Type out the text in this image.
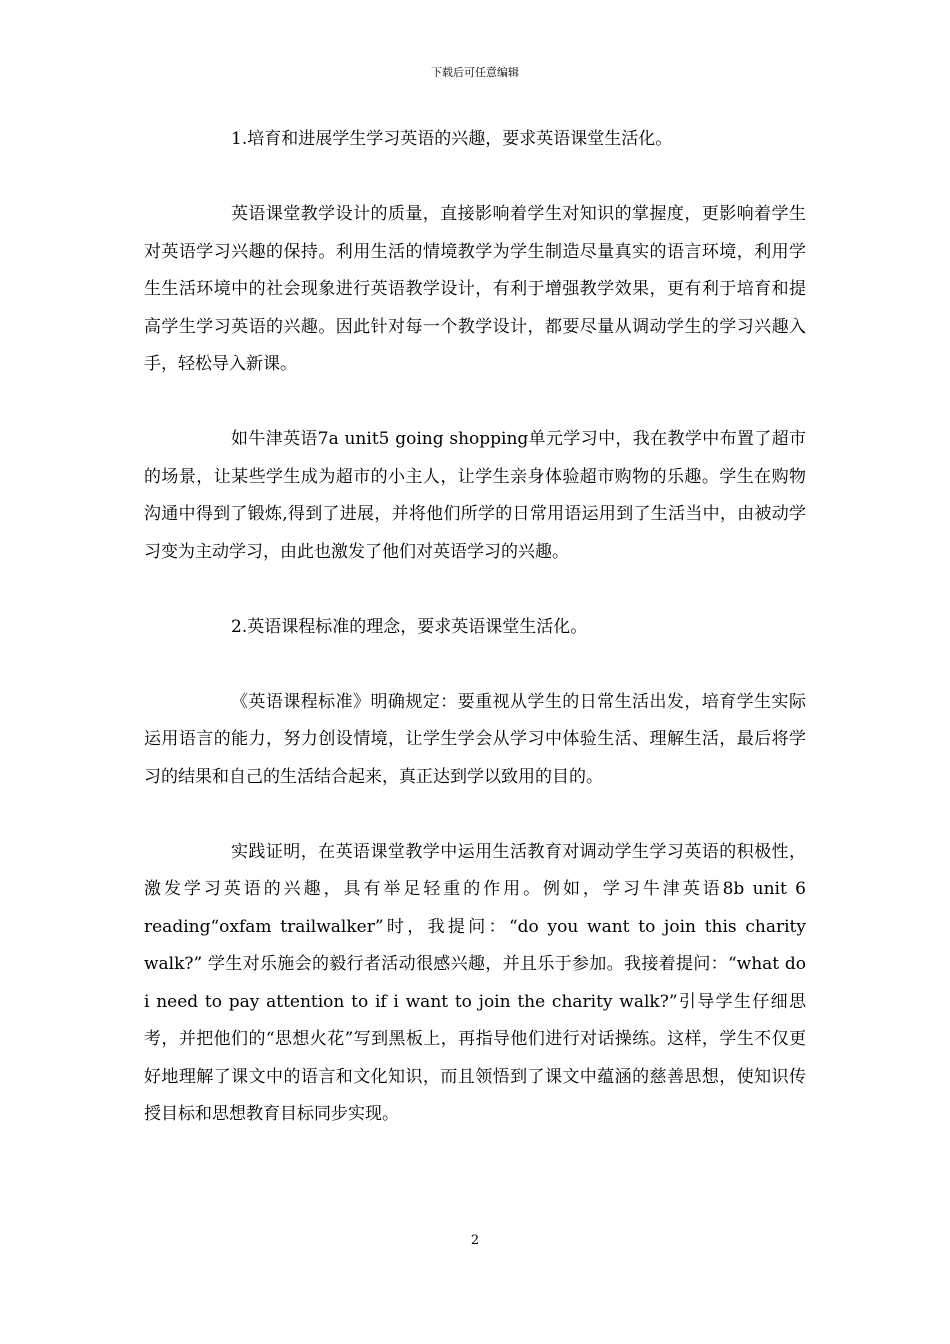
下载后可任意编辑

1.培育和进展学生学习英语的兴趣，要求英语课堂生活化。

英语课堂教学设计的质量，直接影响着学生对知识的掌握度，更影响着学生对英语学习兴趣的保持。利用生活的情境教学为学生制造尽量真实的语言环境，利用学生生活环境中的社会现象进行英语教学设计，有利于增强教学效果，更有利于培育和提高学生学习英语的兴趣。因此针对每一个教学设计，都要尽量从调动学生的学习兴趣入手，轻松导入新课。

如牛津英语7a unit5 going shopping单元学习中，我在教学中布置了超市的场景，让某些学生成为超市的小主人，让学生亲身体验超市购物的乐趣。学生在购物沟通中得到了锻炼,得到了进展，并将他们所学的日常用语运用到了生活当中，由被动学习变为主动学习，由此也激发了他们对英语学习的兴趣。

2.英语课程标准的理念，要求英语课堂生活化。

《英语课程标准》明确规定：要重视从学生的日常生活出发，培育学生实际运用语言的能力，努力创设情境，让学生学会从学习中体验生活、理解生活，最后将学习的结果和自己的生活结合起来，真正达到学以致用的目的。

实践证明，在英语课堂教学中运用生活教育对调动学生学习英语的积极性，激发学习英语的兴趣，具有举足轻重的作用。例如，学习牛津英语8b unit 6 reading“oxfam trailwalker”时，我提问：“do you want to join this charity walk?” 学生对乐施会的毅行者活动很感兴趣，并且乐于参加。我接着提问：“what do i need to pay attention to if i want to join the charity walk?”引导学生仔细思考，并把他们的“思想火花”写到黑板上，再指导他们进行对话操练。这样，学生不仅更好地理解了课文中的语言和文化知识，而且领悟到了课文中蕴涵的慈善思想，使知识传授目标和思想教育目标同步实现。

2
